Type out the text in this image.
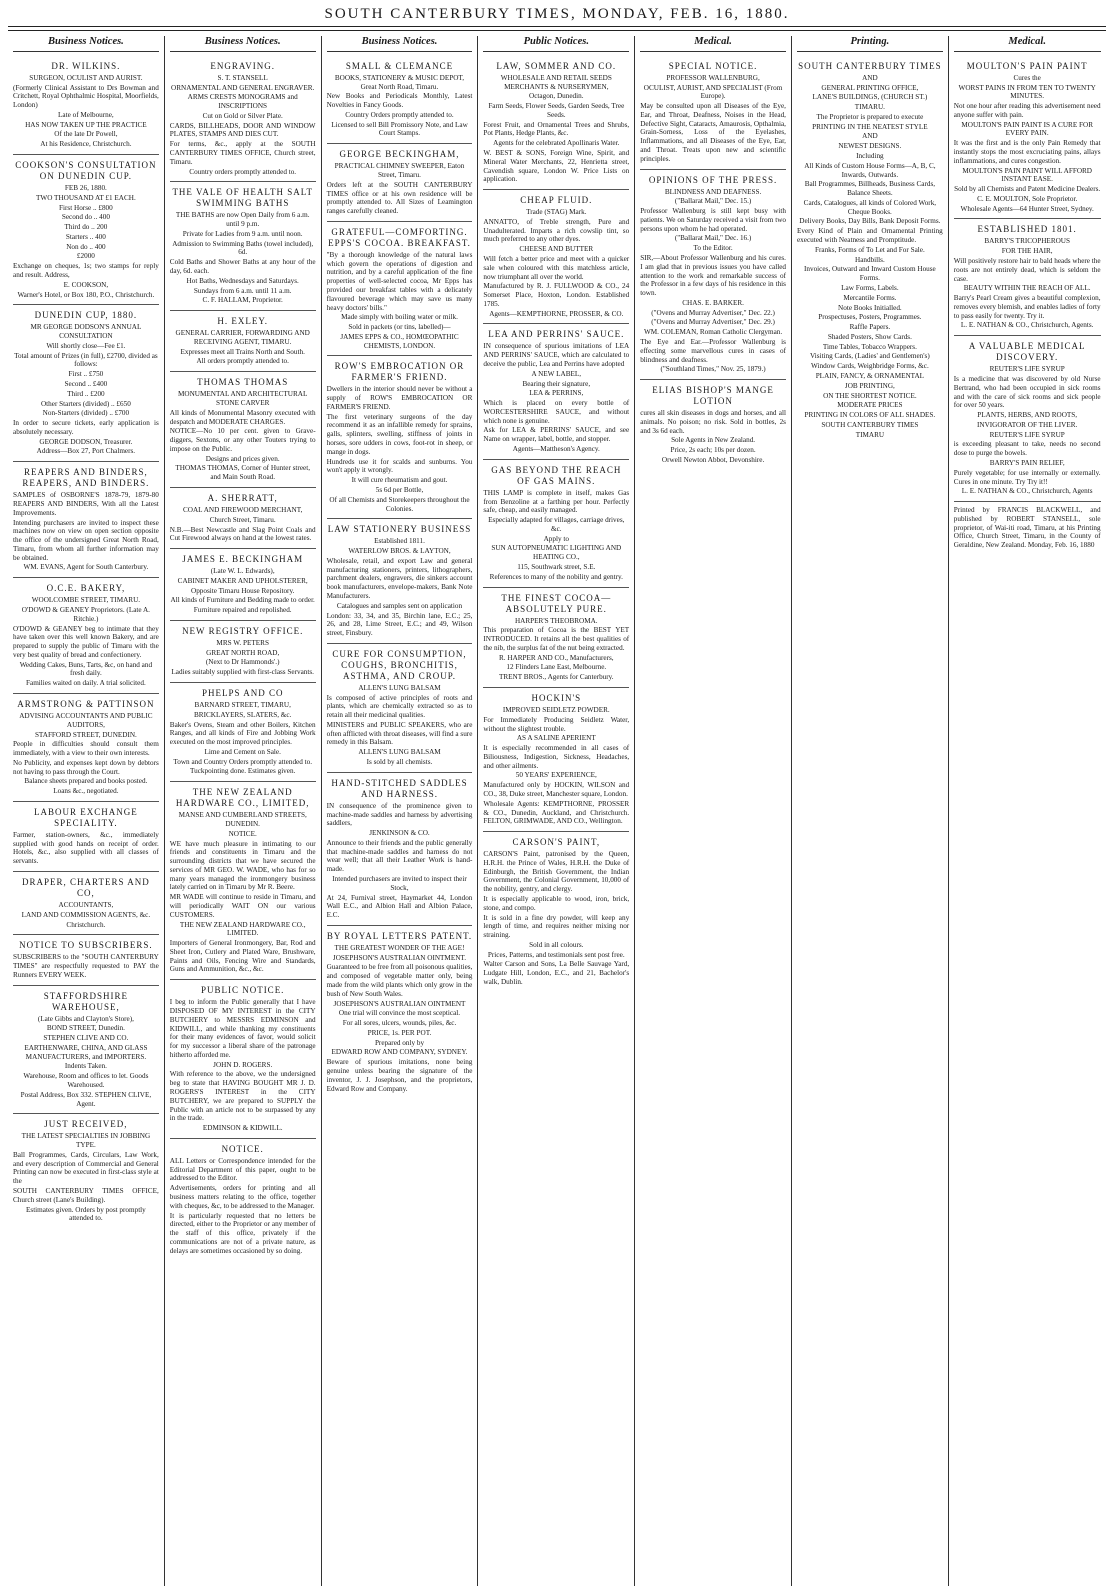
SOUTH CANTERBURY TIMES, MONDAY, FEB. 16, 1880.
Business Notices.
DR. WILKINS.
SURGEON, OCULIST AND AURIST.
(Formerly Clinical Assistant to Drs Bowman and Critchett, Royal Ophthalmic Hospital, Moorfields, London)
Late of Melbourne,
HAS NOW TAKEN UP THE PRACTICE
Of the late Dr Powell,
At his Residence, Christchurch.
COOKSON'S CONSULTATION ON DUNEDIN CUP.
FEB 26, 1880.
TWO THOUSAND AT £1 EACH.
First Horse .. £800
Second do .. 400
Third do .. 200
Starters .. 400
Non do .. 400
£2000
Exchange on cheques, 1s; two stamps for reply and result. Address,
E. COOKSON,
Warner's Hotel, or Box 180, P.O., Christchurch.
DUNEDIN CUP, 1880.
MR GEORGE DODSON'S ANNUAL CONSULTATION
Will shortly close—Fee £1.
Total amount of Prizes (in full), £2700, divided as follows:
First .. £750
Second .. £400
Third .. £200
Other Starters (divided) .. £650
Non-Starters (divided) .. £700
In order to secure tickets, early application is absolutely necessary.
GEORGE DODSON, Treasurer.
Address—Box 27, Port Chalmers.
REAPERS AND BINDERS, REAPERS, AND BINDERS.
SAMPLES of OSBORNE'S 1878-79, 1879-80 REAPERS AND BINDERS, With all the Latest Improvements.
Intending purchasers are invited to inspect these machines now on view on open section opposite the office of the undersigned Great North Road, Timaru, from whom all further information may be obtained.
WM. EVANS, Agent for South Canterbury.
O.C.E. BAKERY,
WOOLCOMBE STREET, TIMARU.
O'DOWD & GEANEY Proprietors. (Late A. Ritchie.)
O'DOWD & GEANEY beg to intimate that they have taken over this well known Bakery, and are prepared to supply the public of Timaru with the very best quality of bread and confectionery.
Wedding Cakes, Buns, Tarts, &c, on hand and fresh daily.
Families waited on daily. A trial solicited.
ARMSTRONG & PATTINSON
ADVISING ACCOUNTANTS AND PUBLIC AUDITORS,
STAFFORD STREET, DUNEDIN.
People in difficulties should consult them immediately, with a view to their own interests.
No Publicity, and expenses kept down by debtors not having to pass through the Court.
Balance sheets prepared and books posted.
Loans &c., negotiated.
LABOUR EXCHANGE SPECIALITY.
Farmer, station-owners, &c., immediately supplied with good hands on receipt of order. Hotels, &c., also supplied with all classes of servants.
DRAPER, CHARTERS AND CO,
ACCOUNTANTS,
LAND AND COMMISSION AGENTS, &c.
Christchurch.
NOTICE TO SUBSCRIBERS.
SUBSCRIBERS to the "SOUTH CANTERBURY TIMES" are respectfully requested to PAY the Runners EVERY WEEK.
STAFFORDSHIRE WAREHOUSE,
(Late Gibbs and Clayton's Store),
BOND STREET, Dunedin.
STEPHEN CLIVE AND CO.
EARTHENWARE, CHINA, AND GLASS MANUFACTURERS, and IMPORTERS.
Indents Taken.
Warehouse, Room and offices to let. Goods Warehoused.
Postal Address, Box 332. STEPHEN CLIVE, Agent.
JUST RECEIVED,
THE LATEST SPECIALTIES IN JOBBING TYPE.
Ball Programmes, Cards, Circulars, Law Work, and every description of Commercial and General Printing can now be executed in first-class style at the
SOUTH CANTERBURY TIMES OFFICE, Church street (Lane's Building).
Estimates given. Orders by post promptly attended to.
Business Notices.
ENGRAVING.
S. T. STANSELL
ORNAMENTAL AND GENERAL ENGRAVER.
ARMS CRESTS MONOGRAMS and INSCRIPTIONS
Cut on Gold or Silver Plate.
CARDS, BILLHEADS, DOOR AND WINDOW PLATES, STAMPS AND DIES CUT.
For terms, &c., apply at the SOUTH CANTERBURY TIMES OFFICE, Church street, Timaru.
Country orders promptly attended to.
THE VALE OF HEALTH SALT SWIMMING BATHS
THE BATHS are now Open Daily from 6 a.m. until 9 p.m.
Private for Ladies from 9 a.m. until noon.
Admission to Swimming Baths (towel included), 6d.
Cold Baths and Shower Baths at any hour of the day, 6d. each.
Hot Baths, Wednesdays and Saturdays.
Sundays from 6 a.m. until 11 a.m.
C. F. HALLAM, Proprietor.
H. EXLEY.
GENERAL CARRIER, FORWARDING AND RECEIVING AGENT, TIMARU.
Expresses meet all Trains North and South.
All orders promptly attended to.
THOMAS THOMAS
MONUMENTAL AND ARCHITECTURAL STONE CARVER
All kinds of Monumental Masonry executed with despatch and MODERATE CHARGES.
NOTICE—No 10 per cent. given to Grave-diggers, Sextons, or any other Touters trying to impose on the Public.
Designs and prices given.
THOMAS THOMAS, Corner of Hunter street, and Main South Road.
A. SHERRATT,
COAL AND FIREWOOD MERCHANT,
Church Street, Timaru.
N.B.—Best Newcastle and Slag Point Coals and Cut Firewood always on hand at the lowest rates.
JAMES E. BECKINGHAM
(Late W. L. Edwards),
CABINET MAKER AND UPHOLSTERER,
Opposite Timaru House Repository.
All kinds of Furniture and Bedding made to order.
Furniture repaired and repolished.
NEW REGISTRY OFFICE.
MRS W. PETERS
GREAT NORTH ROAD,
(Next to Dr Hammonds'.)
Ladies suitably supplied with first-class Servants.
PHELPS AND CO
BARNARD STREET, TIMARU,
BRICKLAYERS, SLATERS, &c.
Baker's Ovens, Steam and other Boilers, Kitchen Ranges, and all kinds of Fire and Jobbing Work executed on the most improved principles.
Lime and Cement on Sale.
Town and Country Orders promptly attended to.
Tuckpointing done. Estimates given.
THE NEW ZEALAND HARDWARE CO., LIMITED,
MANSE AND CUMBERLAND STREETS, DUNEDIN.
NOTICE.
WE have much pleasure in intimating to our friends and constituents in Timaru and the surrounding districts that we have secured the services of MR GEO. W. WADE, who has for so many years managed the ironmongery business lately carried on in Timaru by Mr R. Beere.
MR WADE will continue to reside in Timaru, and will periodically WAIT ON our various CUSTOMERS.
THE NEW ZEALAND HARDWARE CO., LIMITED.
Importers of General Ironmongery, Bar, Rod and Sheet Iron, Cutlery and Plated Ware, Brushware, Paints and Oils, Fencing Wire and Standards, Guns and Ammunition, &c., &c.
PUBLIC NOTICE.
I beg to inform the Public generally that I have DISPOSED OF MY INTEREST in the CITY BUTCHERY to MESSRS EDMINSON and KIDWILL, and while thanking my constituents for their many evidences of favor, would solicit for my successor a liberal share of the patronage hitherto afforded me.
JOHN D. ROGERS.
With reference to the above, we the undersigned beg to state that HAVING BOUGHT MR J. D. ROGERS'S INTEREST in the CITY BUTCHERY, we are prepared to SUPPLY the Public with an article not to be surpassed by any in the trade.
EDMINSON & KIDWILL.
NOTICE.
ALL Letters or Correspondence intended for the Editorial Department of this paper, ought to be addressed to the Editor.
Advertisements, orders for printing and all business matters relating to the office, together with cheques, &c, to be addressed to the Manager.
It is particularly requested that no letters be directed, either to the Proprietor or any member of the staff of this office, privately if the communications are not of a private nature, as delays are sometimes occasioned by so doing.
Business Notices.
SMALL & CLEMANCE
BOOKS, STATIONERY & MUSIC DEPOT, Great North Road, Timaru.
New Books and Periodicals Monthly, Latest Novelties in Fancy Goods.
Country Orders promptly attended to.
Licensed to sell Bill Promissory Note, and Law Court Stamps.
GEORGE BECKINGHAM,
PRACTICAL CHIMNEY SWEEPER, Eaton Street, Timaru.
Orders left at the SOUTH CANTERBURY TIMES office or at his own residence will be promptly attended to. All Sizes of Leamington ranges carefully cleaned.
GRATEFUL—COMFORTING. EPPS'S COCOA. BREAKFAST.
"By a thorough knowledge of the natural laws which govern the operations of digestion and nutrition, and by a careful application of the fine properties of well-selected cocoa, Mr Epps has provided our breakfast tables with a delicately flavoured beverage which may save us many heavy doctors' bills."
Made simply with boiling water or milk.
Sold in packets (or tins, labelled)—
JAMES EPPS & CO., HOMŒOPATHIC CHEMISTS, LONDON.
ROW'S EMBROCATION OR FARMER'S FRIEND.
Dwellers in the interior should never be without a supply of ROW'S EMBROCATION OR FARMER'S FRIEND.
The first veterinary surgeons of the day recommend it as an infallible remedy for sprains, galls, splinters, swelling, stiffness of joints in horses, sore udders in cows, foot-rot in sheep, or mange in dogs.
Hundreds use it for scalds and sunburns. You won't apply it wrongly.
It will cure rheumatism and gout.
5s 6d per Bottle,
Of all Chemists and Storekeepers throughout the Colonies.
LAW STATIONERY BUSINESS
Established 1811.
WATERLOW BROS. & LAYTON,
Wholesale, retail, and export Law and general manufacturing stationers, printers, lithographers, parchment dealers, engravers, die sinkers account book manufacturers, envelope-makers, Bank Note Manufacturers.
Catalogues and samples sent on application
London: 33, 34, and 35, Birchin lane, E.C.; 25, 26, and 28, Lime Street, E.C.; and 49, Wilson street, Finsbury.
CURE FOR CONSUMPTION, COUGHS, BRONCHITIS, ASTHMA, AND CROUP.
ALLEN'S LUNG BALSAM
Is composed of active principles of roots and plants, which are chemically extracted so as to retain all their medicinal qualities.
MINISTERS and PUBLIC SPEAKERS, who are often afflicted with throat diseases, will find a sure remedy in this Balsam.
ALLEN'S LUNG BALSAM
Is sold by all chemists.
HAND-STITCHED SADDLES AND HARNESS.
IN consequence of the prominence given to machine-made saddles and harness by advertising saddlers,
JENKINSON & CO.
Announce to their friends and the public generally that machine-made saddles and harness do not wear well; that all their Leather Work is hand-made.
Intended purchasers are invited to inspect their Stock,
At 24, Furnival street, Haymarket 44, London Wall E.C., and Albion Hall and Albion Palace, E.C.
BY ROYAL LETTERS PATENT.
THE GREATEST WONDER OF THE AGE!
JOSEPHSON'S AUSTRALIAN OINTMENT.
Guaranteed to be free from all poisonous qualities, and composed of vegetable matter only, being made from the wild plants which only grow in the bush of New South Wales.
JOSEPHSON'S AUSTRALIAN OINTMENT
One trial will convince the most sceptical.
For all sores, ulcers, wounds, piles, &c.
PRICE, 1s. PER POT.
Prepared only by
EDWARD ROW AND COMPANY, SYDNEY.
Beware of spurious imitations, none being genuine unless bearing the signature of the inventor, J. J. Josephson, and the proprietors, Edward Row and Company.
Public Notices.
LAW, SOMMER AND CO.
WHOLESALE AND RETAIL SEEDS MERCHANTS & NURSERYMEN,
Octagon, Dunedin.
Farm Seeds, Flower Seeds, Garden Seeds, Tree Seeds.
Forest Fruit, and Ornamental Trees and Shrubs, Pot Plants, Hedge Plants, &c.
Agents for the celebrated Apollinaris Water.
W. BEST & SONS, Foreign Wine, Spirit, and Mineral Water Merchants, 22, Henrietta street, Cavendish square, London W. Price Lists on application.
CHEAP FLUID.
Trade (STAG) Mark.
ANNATTO, of Treble strength, Pure and Unadulterated. Imparts a rich cowslip tint, so much preferred to any other dyes.
CHEESE AND BUTTER
Will fetch a better price and meet with a quicker sale when coloured with this matchless article, now triumphant all over the world.
Manufactured by R. J. FULLWOOD & CO., 24 Somerset Place, Hoxton, London. Established 1785.
Agents—KEMPTHORNE, PROSSER, & CO.
LEA AND PERRINS' SAUCE.
IN consequence of spurious imitations of LEA AND PERRINS' SAUCE, which are calculated to deceive the public, Lea and Perrins have adopted
A NEW LABEL,
Bearing their signature,
LEA & PERRINS,
Which is placed on every bottle of WORCESTERSHIRE SAUCE, and without which none is genuine.
Ask for LEA & PERRINS' SAUCE, and see Name on wrapper, label, bottle, and stopper.
Agents—Mattheson's Agency.
GAS BEYOND THE REACH OF GAS MAINS.
THIS LAMP is complete in itself, makes Gas from Benzoline at a farthing per hour. Perfectly safe, cheap, and easily managed.
Especially adapted for villages, carriage drives, &c.
Apply to
SUN AUTOPNEUMATIC LIGHTING AND HEATING CO.,
115, Southwark street, S.E.
References to many of the nobility and gentry.
THE FINEST COCOA—ABSOLUTELY PURE.
HARPER'S THEOBROMA.
This preparation of Cocoa is the BEST YET INTRODUCED. It retains all the best qualities of the nib, the surplus fat of the nut being extracted.
R. HARPER AND CO., Manufacturers,
12 Flinders Lane East, Melbourne.
TRENT BROS., Agents for Canterbury.
HOCKIN'S
IMPROVED SEIDLETZ POWDER.
For Immediately Producing Seidletz Water, without the slightest trouble.
AS A SALINE APERIENT
It is especially recommended in all cases of Biliousness, Indigestion, Sickness, Headaches, and other ailments.
50 YEARS' EXPERIENCE,
Manufactured only by HOCKIN, WILSON and CO., 38, Duke street, Manchester square, London.
Wholesale Agents: KEMPTHORNE, PROSSER & CO., Dunedin, Auckland, and Christchurch. FELTON, GRIMWADE, AND CO., Wellington.
CARSON'S PAINT,
CARSON'S Paint, patronised by the Queen, H.R.H. the Prince of Wales, H.R.H. the Duke of Edinburgh, the British Government, the Indian Government, the Colonial Government, 10,000 of the nobility, gentry, and clergy.
It is especially applicable to wood, iron, brick, stone, and compo.
It is sold in a fine dry powder, will keep any length of time, and requires neither mixing nor straining.
Sold in all colours.
Prices, Patterns, and testimonials sent post free.
Walter Carson and Sons, La Belle Sauvage Yard, Ludgate Hill, London, E.C., and 21, Bachelor's walk, Dublin.
Medical.
SPECIAL NOTICE.
PROFESSOR WALLENBURG,
OCULIST, AURIST, AND SPECIALIST (From Europe).
May be consulted upon all Diseases of the Eye, Ear, and Throat, Deafness, Noises in the Head, Defective Sight, Cataracts, Amaurosis, Opthalmia, Grain-Sorness, Loss of the Eyelashes, Inflammations, and all Diseases of the Eye, Ear, and Throat. Treats upon new and scientific principles.
OPINIONS OF THE PRESS.
BLINDNESS AND DEAFNESS.
("Ballarat Mail," Dec. 15.)
Professor Wallenburg is still kept busy with patients. We on Saturday received a visit from two persons upon whom he had operated.
("Ballarat Mail," Dec. 16.)
To the Editor.
SIR,—About Professor Wallenburg and his cures. I am glad that in previous issues you have called attention to the work and remarkable success of the Professor in a few days of his residence in this town.
CHAS. E. BARKER.
("Ovens and Murray Advertiser," Dec. 22.)
("Ovens and Murray Advertiser," Dec. 29.)
WM. COLEMAN, Roman Catholic Clergyman.
The Eye and Ear.—Professor Wallenburg is effecting some marvellous cures in cases of blindness and deafness.
("Southland Times," Nov. 25, 1879.)
ELIAS BISHOP'S MANGE LOTION
cures all skin diseases in dogs and horses, and all animals. No poison; no risk. Sold in bottles, 2s and 3s 6d each.
Sole Agents in New Zealand.
Price, 2s each; 10s per dozen.
Orwell Newton Abbot, Devonshire.
Printing.
SOUTH CANTERBURY TIMES
AND
GENERAL PRINTING OFFICE,
LANE'S BUILDINGS, (CHURCH ST.)
TIMARU.
The Proprietor is prepared to execute
PRINTING IN THE NEATEST STYLE
AND
NEWEST DESIGNS.
Including
All Kinds of Custom House Forms—A, B, C, Inwards, Outwards.
Ball Programmes, Billheads, Business Cards, Balance Sheets.
Cards, Catalogues, all kinds of Colored Work, Cheque Books.
Delivery Books, Day Bills, Bank Deposit Forms.
Every Kind of Plain and Ornamental Printing executed with Neatness and Promptitude.
Franks, Forms of To Let and For Sale.
Handbills.
Invoices, Outward and Inward Custom House Forms.
Law Forms, Labels.
Mercantile Forms.
Note Books Initialled.
Prospectuses, Posters, Programmes.
Raffle Papers.
Shaded Posters, Show Cards.
Time Tables, Tobacco Wrappers.
Visiting Cards, (Ladies' and Gentlemen's)
Window Cards, Weighbridge Forms, &c.
PLAIN, FANCY, & ORNAMENTAL
JOB PRINTING,
ON THE SHORTEST NOTICE.
MODERATE PRICES
PRINTING IN COLORS OF ALL SHADES.
SOUTH CANTERBURY TIMES
TIMARU
Medical.
MOULTON'S PAIN PAINT
Cures the
WORST PAINS IN FROM TEN TO TWENTY MINUTES.
Not one hour after reading this advertisement need anyone suffer with pain.
MOULTON'S PAIN PAINT IS A CURE FOR EVERY PAIN.
It was the first and is the only Pain Remedy that instantly stops the most excruciating pains, allays inflammations, and cures congestion.
MOULTON'S PAIN PAINT WILL AFFORD INSTANT EASE.
Sold by all Chemists and Patent Medicine Dealers.
C. E. MOULTON, Sole Proprietor.
Wholesale Agents—64 Hunter Street, Sydney.
ESTABLISHED 1801.
BARRY'S TRICOPHEROUS
FOR THE HAIR,
Will positively restore hair to bald heads where the roots are not entirely dead, which is seldom the case.
BEAUTY WITHIN THE REACH OF ALL.
Barry's Pearl Cream gives a beautiful complexion, removes every blemish, and enables ladies of forty to pass easily for twenty. Try it.
L. E. NATHAN & CO., Christchurch, Agents.
A VALUABLE MEDICAL DISCOVERY.
REUTER'S LIFE SYRUP
Is a medicine that was discovered by old Nurse Bertrand, who had been occupied in sick rooms and with the care of sick rooms and sick people for over 50 years.
PLANTS, HERBS, AND ROOTS,
INVIGORATOR OF THE LIVER.
REUTER'S LIFE SYRUP
is exceeding pleasant to take, needs no second dose to purge the bowels.
BARRY'S PAIN RELIEF,
Purely vegetable; for use internally or externally. Cures in one minute. Try Try it!!
L. E. NATHAN & CO., Christchurch, Agents
Printed by FRANCIS BLACKWELL, and published by ROBERT STANSELL, sole proprietor, of Wai-iti road, Timaru, at his Printing Office, Church Street, Timaru, in the County of Geraldine, New Zealand. Monday, Feb. 16, 1880
